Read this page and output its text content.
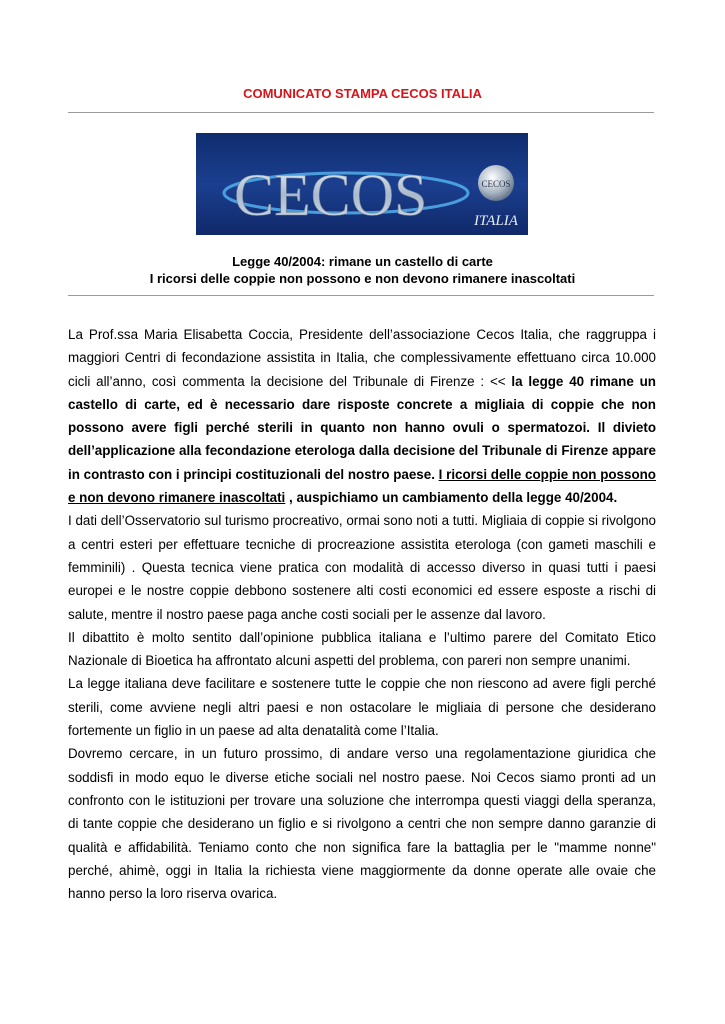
COMUNICATO STAMPA CECOS ITALIA
CECOS	CECOS
ITALIA
Legge 40/2004: rimane un castello di carte
I ricorsi delle coppie non possono e non devono rimanere inascoltati

La Prof.ssa Maria Elisabetta Coccia, Presidente dell’associazione Cecos Italia, che raggruppa i maggiori Centri di fecondazione assistita in Italia, che complessivamente effettuano circa 10.000 cicli all’anno, così commenta la decisione del Tribunale di Firenze : << la legge 40 rimane un castello di carte, ed è necessario dare risposte concrete a migliaia di coppie che non possono avere figli perché sterili in quanto non hanno ovuli o spermatozoi. Il divieto dell’applicazione alla fecondazione eterologa dalla decisione del Tribunale di Firenze appare in contrasto con i principi costituzionali del nostro paese. I ricorsi delle coppie non possono e non devono rimanere inascoltati , auspichiamo un cambiamento della legge 40/2004.

I dati dell’Osservatorio sul turismo procreativo, ormai sono noti a tutti. Migliaia di coppie si rivolgono a centri esteri per effettuare tecniche di procreazione assistita eterologa (con gameti maschili e femminili) . Questa tecnica viene pratica con modalità di accesso diverso in quasi tutti i paesi europei e le nostre coppie debbono sostenere alti costi economici ed essere esposte a rischi di salute, mentre il nostro paese paga anche costi sociali per le assenze dal lavoro.

Il dibattito è molto sentito dall’opinione pubblica italiana e l’ultimo parere del Comitato Etico Nazionale di Bioetica ha affrontato alcuni aspetti del problema, con pareri non sempre unanimi.

La legge italiana deve facilitare e sostenere tutte le coppie che non riescono ad avere figli perché sterili, come avviene negli altri paesi e non ostacolare le migliaia di persone che desiderano fortemente un figlio in un paese ad alta denatalità come l’Italia.

Dovremo cercare, in un futuro prossimo, di andare verso una regolamentazione giuridica che soddisfi in modo equo le diverse etiche sociali nel nostro paese. Noi Cecos siamo pronti ad un confronto con le istituzioni per trovare una soluzione che interrompa questi viaggi della speranza, di tante coppie che desiderano un figlio e si rivolgono a centri che non sempre danno garanzie di qualità e affidabilità. Teniamo conto che non significa fare la battaglia per le "mamme nonne" perché, ahimè, oggi in Italia la richiesta viene maggiormente da donne operate alle ovaie che hanno perso la loro riserva ovarica.
